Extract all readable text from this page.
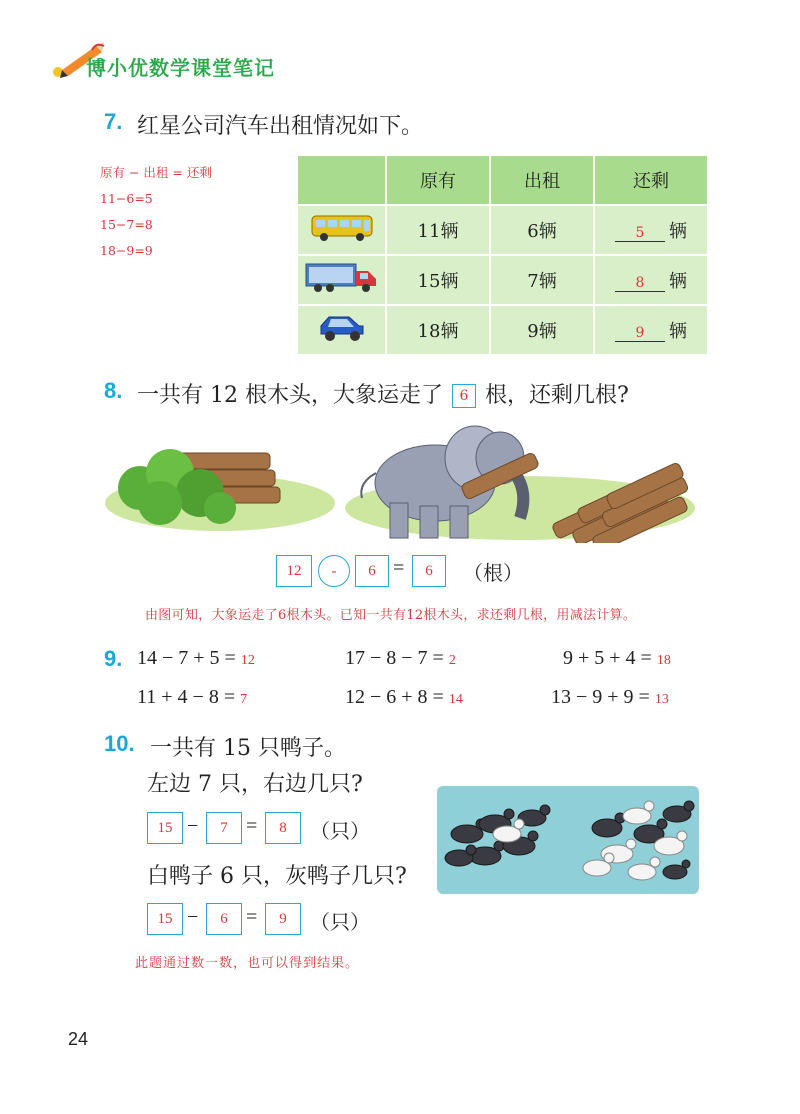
博小优数学课堂笔记
7. 红星公司汽车出租情况如下。
原有 − 出租 = 还剩
11−6=5
15−7=8
18−9=9
	原有	出租	还剩
	11辆	6辆	5 辆
	15辆	7辆	8 辆
	18辆	9辆	9 辆
8. 一共有 12 根木头，大象运走了 6 根，还剩几根?
12	-	6 =	6	（根）
由图可知，大象运走了6根木头。已知一共有12根木头，求还剩几根，用减法计算。
9. 14 − 7 + 5 = 12	17 − 8 − 7 = 2	9 + 5 + 4 = 18
11 + 4 − 8 = 7	12 − 6 + 8 = 14	13 − 9 + 9 = 13
10. 一共有 15 只鸭子。
左边 7 只，右边几只?
15 −	7 =	8	（只）
白鸭子 6 只，灰鸭子几只?
15 −	6 =	9	（只）
此题通过数一数，也可以得到结果。
24
